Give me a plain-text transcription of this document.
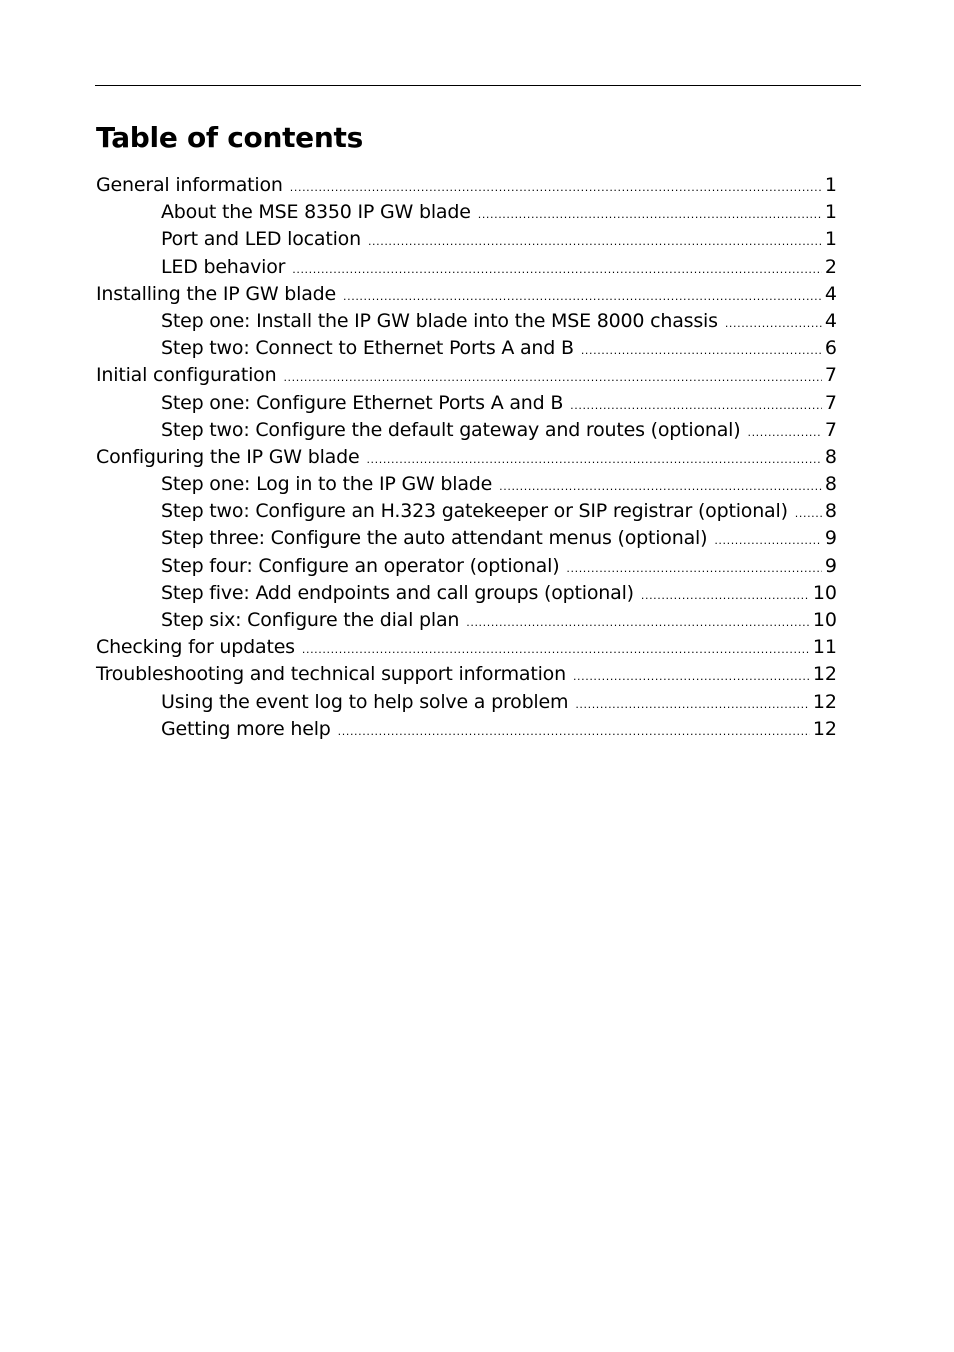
Table of contents
General information .....	1
About the MSE 8350 IP GW blade .....	1
Port and LED location .....	1
LED behavior .....	2
Installing the IP GW blade .....	4
Step one: Install the IP GW blade into the MSE 8000 chassis .....	4
Step two: Connect to Ethernet Ports A and B .....	6
Initial configuration .....	7
Step one: Configure Ethernet Ports A and B .....	7
Step two: Configure the default gateway and routes (optional) .....	7
Configuring the IP GW blade .....	8
Step one: Log in to the IP GW blade .....	8
Step two: Configure an H.323 gatekeeper or SIP registrar (optional) .....	8
Step three: Configure the auto attendant menus (optional) .....	9
Step four: Configure an operator (optional) .....	9
Step five: Add endpoints and call groups (optional) .....	10
Step six: Configure the dial plan .....	10
Checking for updates .....	11
Troubleshooting and technical support information .....	12
Using the event log to help solve a problem .....	12
Getting more help .....	12
